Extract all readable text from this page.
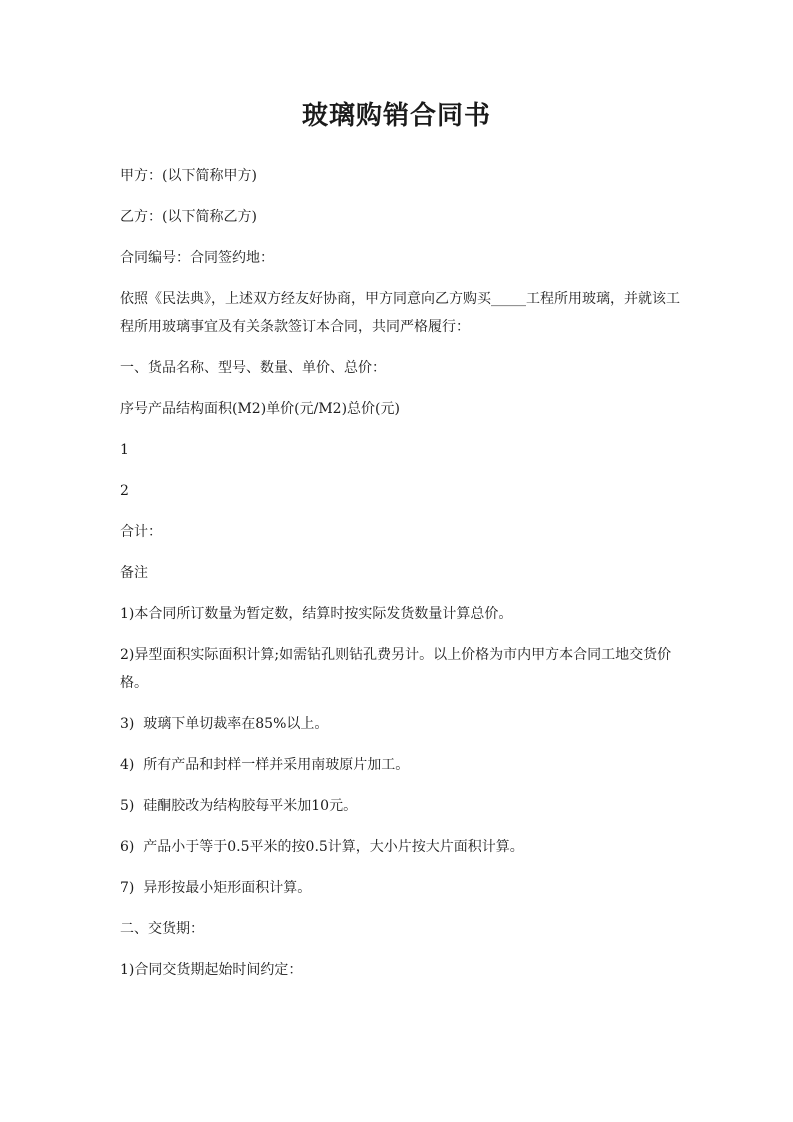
玻璃购销合同书

甲方：(以下简称甲方)

乙方：(以下简称乙方)

合同编号：合同签约地：

依照《民法典》，上述双方经友好协商，甲方同意向乙方购买_____工程所用玻璃，并就该工程所用玻璃事宜及有关条款签订本合同，共同严格履行：

一、货品名称、型号、数量、单价、总价：

序号产品结构面积(M2)单价(元/M2)总价(元)

1

2

合计：

备注

1)本合同所订数量为暂定数，结算时按实际发货数量计算总价。

2)异型面积实际面积计算;如需钻孔则钻孔费另计。以上价格为市内甲方本合同工地交货价格。

3)  玻璃下单切裁率在85%以上。

4)  所有产品和封样一样并采用南玻原片加工。

5)  硅酮胶改为结构胶每平米加10元。

6)  产品小于等于0.5平米的按0.5计算，大小片按大片面积计算。

7)  异形按最小矩形面积计算。

二、交货期：

1)合同交货期起始时间约定：
